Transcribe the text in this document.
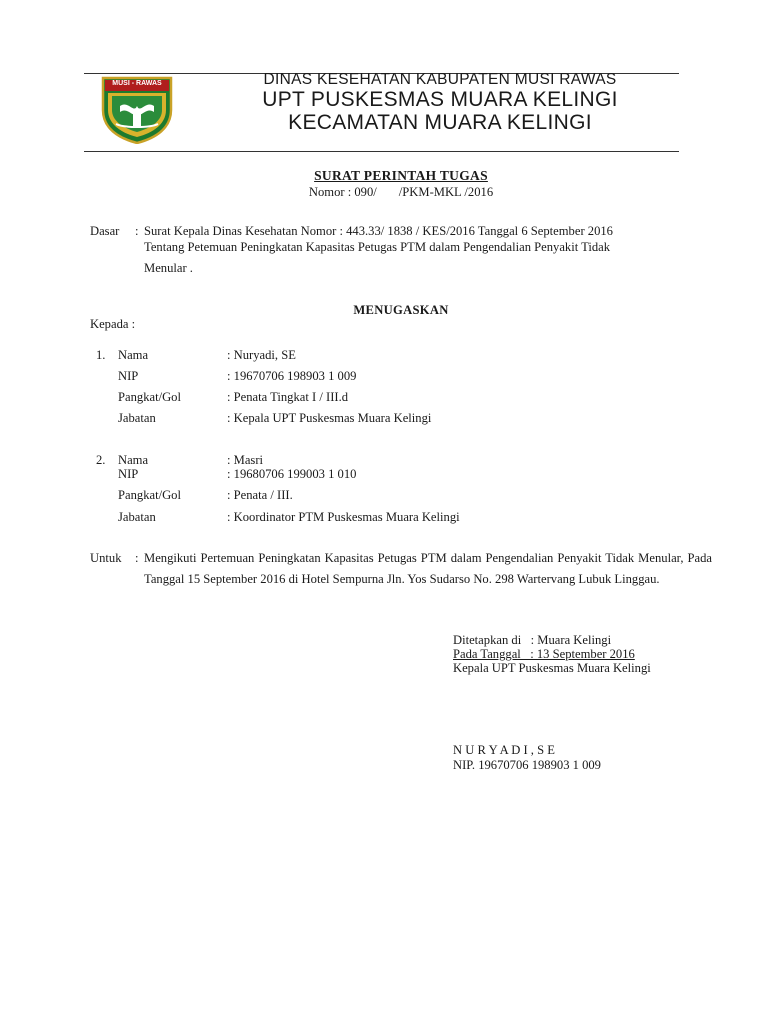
MUSI - RAWAS	DINAS KESEHATAN KABUPATEN MUSI RAWAS
UPT PUSKESMAS MUARA KELINGI
KECAMATAN MUARA KELINGI
SURAT PERINTAH TUGAS
Nomor : 090/       /PKM-MKL /2016
Dasar : Surat Kepala Dinas Kesehatan Nomor : 443.33/ 1838 / KES/2016 Tanggal 6 September 2016
Tentang Petemuan Peningkatan Kapasitas Petugas PTM dalam Pengendalian Penyakit Tidak
Menular .
MENUGASKAN
Kepada :
1. Nama	: Nuryadi, SE
NIP	: 19670706 198903 1 009
Pangkat/Gol	: Penata Tingkat I / III.d
Jabatan	: Kepala UPT Puskesmas Muara Kelingi
2. Nama	: Masri
NIP	: 19680706 199003 1 010
Pangkat/Gol	: Penata / III.
Jabatan	: Koordinator PTM Puskesmas Muara Kelingi
Untuk : Mengikuti Pertemuan Peningkatan Kapasitas Petugas PTM dalam Pengendalian Penyakit Tidak Menular, Pada Tanggal 15 September 2016 di Hotel Sempurna Jln. Yos Sudarso No. 298 Wartervang Lubuk Linggau.
Ditetapkan di   : Muara Kelingi
Pada Tanggal   : 13 September 2016
Kepala UPT Puskesmas Muara Kelingi
N U R Y A D I , S E
NIP. 19670706 198903 1 009
